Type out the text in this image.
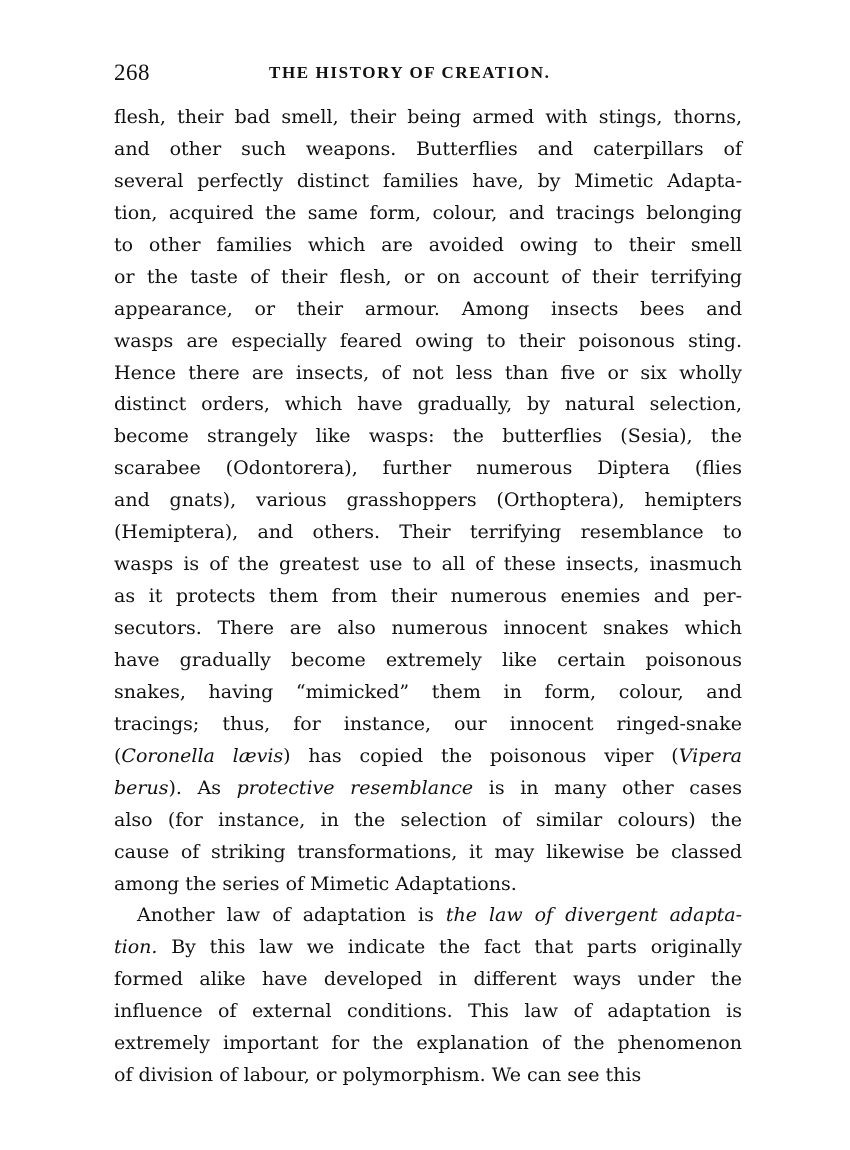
268	THE HISTORY OF CREATION.
flesh, their bad smell, their being armed with stings, thorns,
and other such weapons. Butterflies and caterpillars of
several perfectly distinct families have, by Mimetic Adapta-
tion, acquired the same form, colour, and tracings belonging
to other families which are avoided owing to their smell
or the taste of their flesh, or on account of their terrifying
appearance, or their armour. Among insects bees and
wasps are especially feared owing to their poisonous sting.
Hence there are insects, of not less than five or six wholly
distinct orders, which have gradually, by natural selection,
become strangely like wasps: the butterflies (Sesia), the
scarabee (Odontorera), further numerous Diptera (flies
and gnats), various grasshoppers (Orthoptera), hemipters
(Hemiptera), and others. Their terrifying resemblance to
wasps is of the greatest use to all of these insects, inasmuch
as it protects them from their numerous enemies and per-
secutors. There are also numerous innocent snakes which
have gradually become extremely like certain poisonous
snakes, having “mimicked” them in form, colour, and
tracings; thus, for instance, our innocent ringed-snake
(Coronella lævis) has copied the poisonous viper (Vipera
berus). As protective resemblance is in many other cases
also (for instance, in the selection of similar colours) the
cause of striking transformations, it may likewise be classed
among the series of Mimetic Adaptations.
Another law of adaptation is the law of divergent adapta-
tion. By this law we indicate the fact that parts originally
formed alike have developed in different ways under the
influence of external conditions. This law of adaptation is
extremely important for the explanation of the phenomenon
of division of labour, or polymorphism. We can see this
